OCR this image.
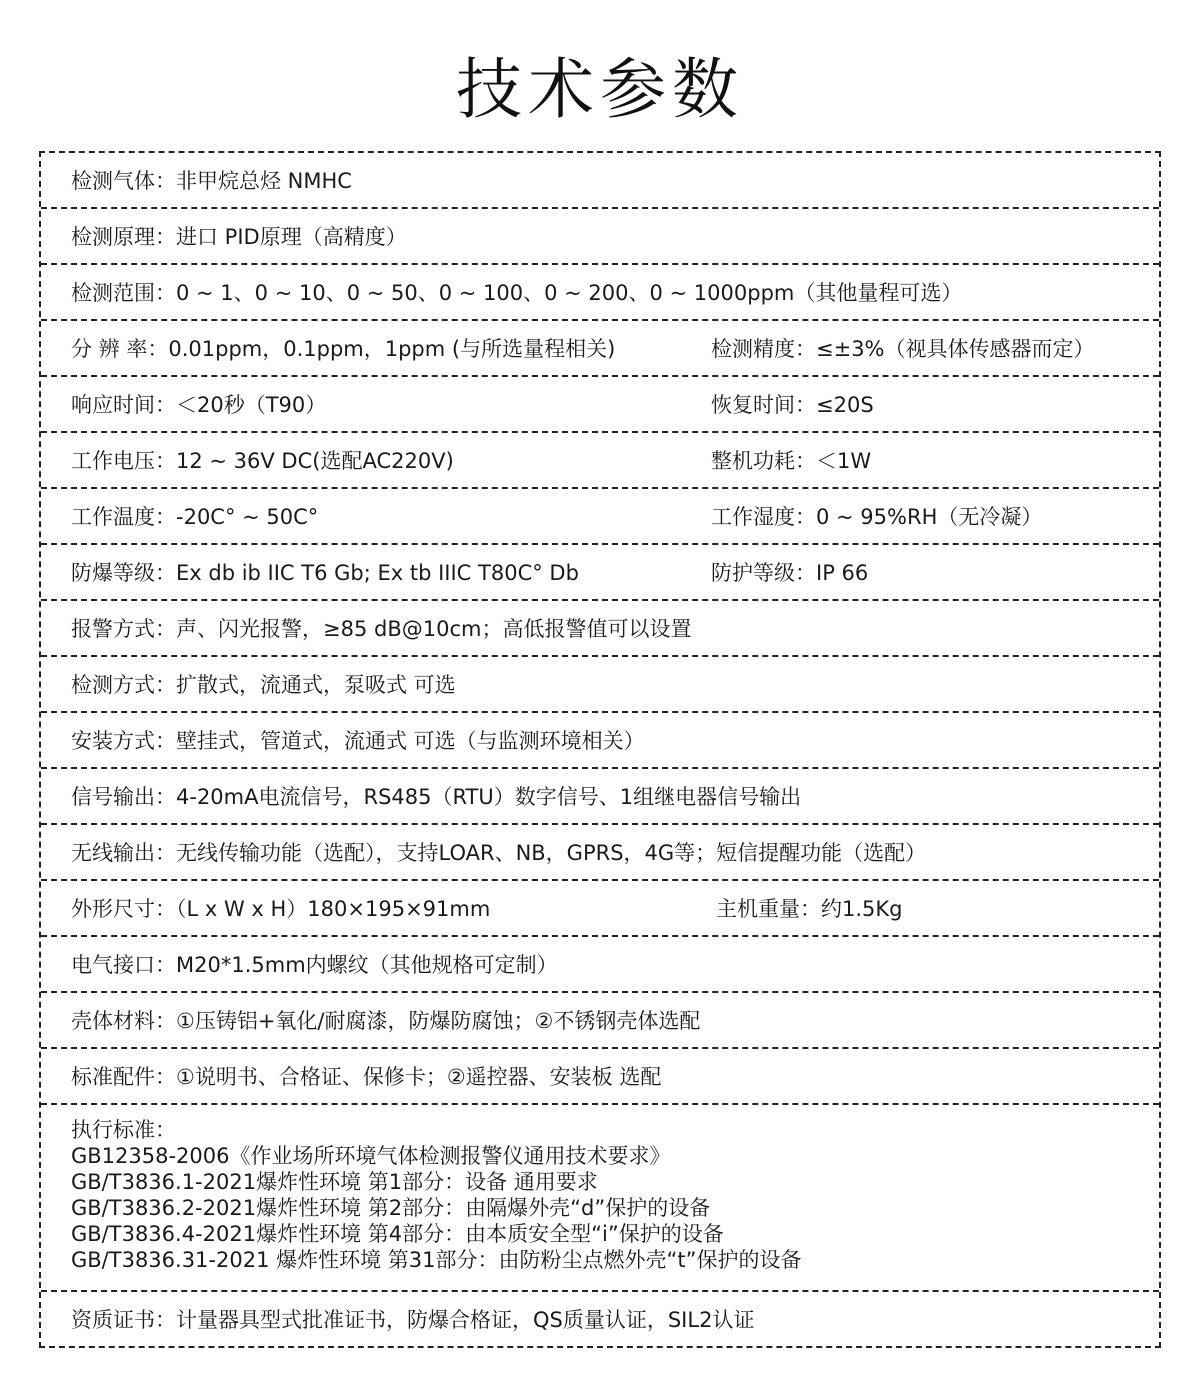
技术参数
检测气体：非甲烷总烃 NMHC
检测原理：进口 PID原理（高精度）
检测范围：0 ~ 1、0 ~ 10、0 ~ 50、0 ~ 100、0 ~ 200、0 ~ 1000ppm（其他量程可选）
分 辨 率：0.01ppm，0.1ppm，1ppm (与所选量程相关)	检测精度：≤±3%（视具体传感器而定）
响应时间：＜20秒（T90）	恢复时间：≤20S
工作电压：12 ~ 36V DC(选配AC220V)	整机功耗：＜1W
工作温度：-20C° ~ 50C°	工作湿度：0 ~ 95%RH（无冷凝）
防爆等级：Ex db ib IIC T6 Gb; Ex tb IIIC T80C° Db	防护等级：IP 66
报警方式：声、闪光报警，≥85 dB@10cm；高低报警值可以设置
检测方式：扩散式，流通式，泵吸式 可选
安装方式：壁挂式，管道式，流通式 可选（与监测环境相关）
信号输出：4-20mA电流信号，RS485（RTU）数字信号、1组继电器信号输出
无线输出：无线传输功能（选配），支持LOAR、NB，GPRS，4G等；短信提醒功能（选配）
外形尺寸：（L x W x H）180×195×91mm	主机重量：约1.5Kg
电气接口：M20*1.5mm内螺纹（其他规格可定制）
壳体材料：①压铸铝+氧化/耐腐漆，防爆防腐蚀；②不锈钢壳体选配
标准配件：①说明书、合格证、保修卡；②遥控器、安装板 选配
执行标准：
GB12358-2006《作业场所环境气体检测报警仪通用技术要求》
GB/T3836.1-2021爆炸性环境 第1部分：设备 通用要求
GB/T3836.2-2021爆炸性环境 第2部分：由隔爆外壳“d”保护的设备
GB/T3836.4-2021爆炸性环境 第4部分：由本质安全型“i”保护的设备
GB/T3836.31-2021 爆炸性环境 第31部分：由防粉尘点燃外壳“t”保护的设备
资质证书：计量器具型式批准证书，防爆合格证，QS质量认证，SIL2认证
